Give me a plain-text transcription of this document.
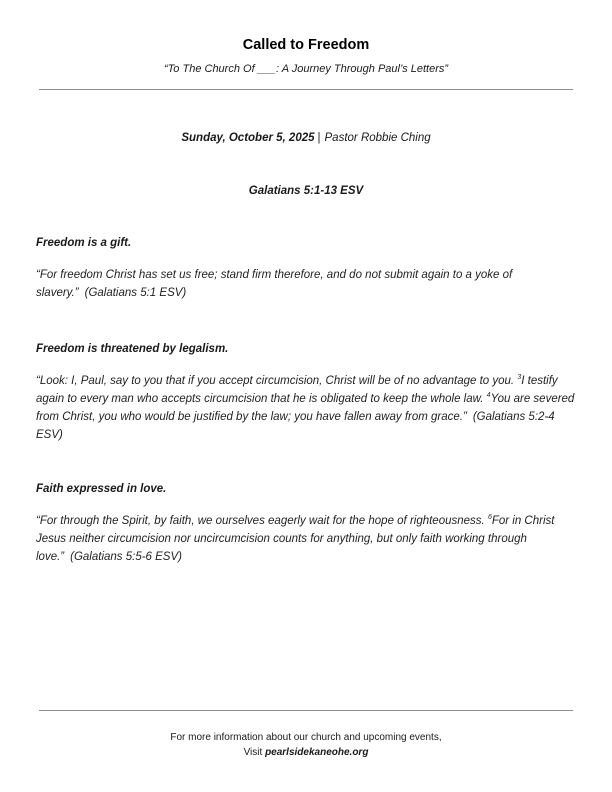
Called to Freedom
“To The Church Of ___: A Journey Through Paul’s Letters”
Sunday, October 5, 2025 | Pastor Robbie Ching
Galatians 5:1-13 ESV

Freedom is a gift.

“For freedom Christ has set us free; stand firm therefore, and do not submit again to a yoke of slavery.” (Galatians 5:1 ESV)

Freedom is threatened by legalism.

“Look: I, Paul, say to you that if you accept circumcision, Christ will be of no advantage to you. $^3$I testify again to every man who accepts circumcision that he is obligated to keep the whole law. $^4$You are severed from Christ, you who would be justified by the law; you have fallen away from grace.” (Galatians 5:2-4 ESV)

Faith expressed in love.

“For through the Spirit, by faith, we ourselves eagerly wait for the hope of righteousness. $^6$For in Christ Jesus neither circumcision nor uncircumcision counts for anything, but only faith working through love.” (Galatians 5:5-6 ESV)

For more information about our church and upcoming events,
Visit pearlsidekaneohe.org
